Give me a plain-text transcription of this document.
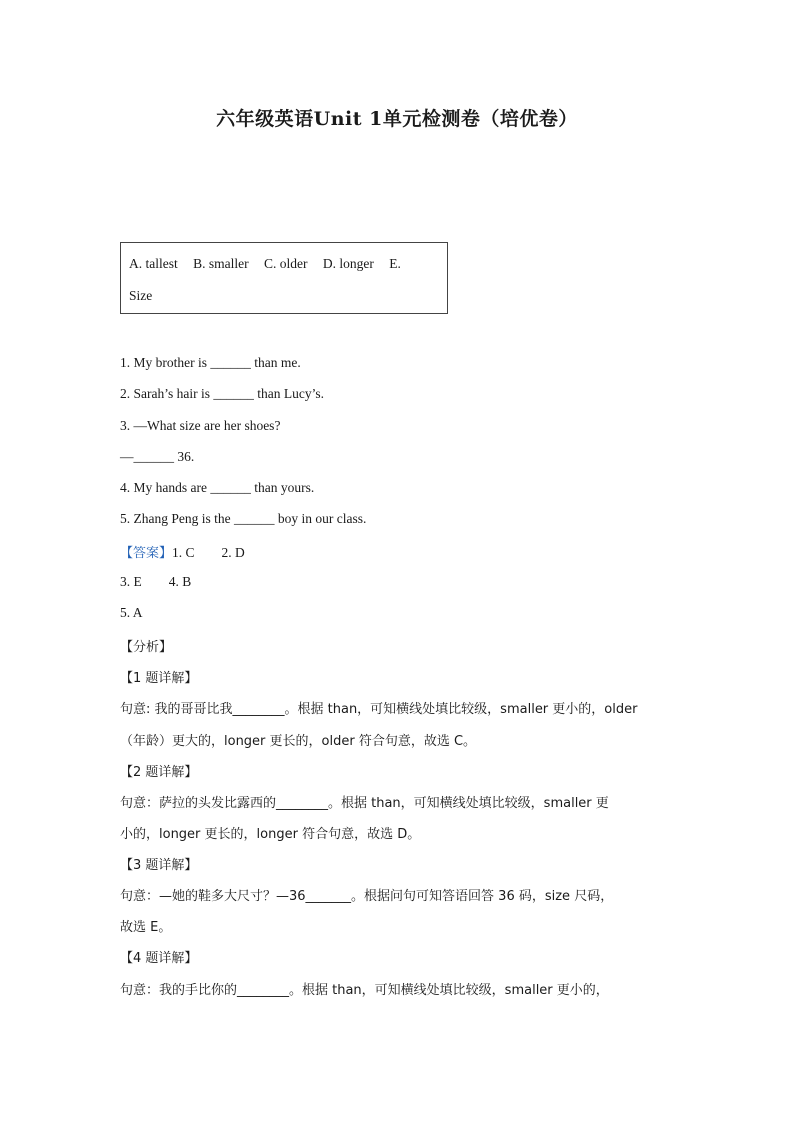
六年级英语Unit 1单元检测卷（培优卷）
A. tallest B. smaller C. older D. longer E.
Size
1. My brother is ______ than me.
2. Sarah’s hair is ______ than Lucy’s.
3. —What size are her shoes?
—______ 36.
4. My hands are ______ than yours.
5. Zhang Peng is the ______ boy in our class.
【答案】1. C        2. D
3. E        4. B
5. A
【分析】
【1 题详解】
句意: 我的哥哥比我________。根据 than，可知横线处填比较级，smaller 更小的，older
（年龄）更大的，longer 更长的，older 符合句意，故选 C。
【2 题详解】
句意：萨拉的头发比露西的________。根据 than，可知横线处填比较级，smaller 更
小的，longer 更长的，longer 符合句意，故选 D。
【3 题详解】
句意：—她的鞋多大尺寸？—36_______。根据问句可知答语回答 36 码，size 尺码，
故选 E。
【4 题详解】
句意：我的手比你的________。根据 than，可知横线处填比较级，smaller 更小的，
